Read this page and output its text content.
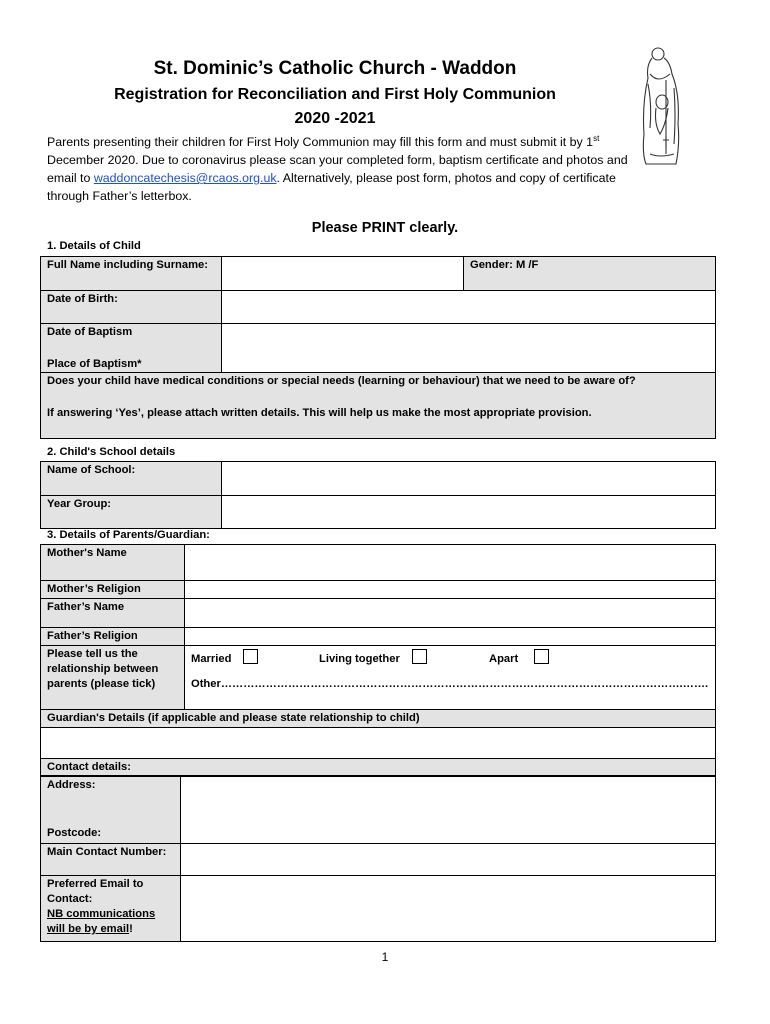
St. Dominic’s Catholic Church - Waddon
Registration for Reconciliation and First Holy Communion
2020 -2021
Parents presenting their children for First Holy Communion may fill this form and must submit it by 1st December 2020. Due to coronavirus please scan your completed form, baptism certificate and photos and email to waddoncatechesis@rcaos.org.uk. Alternatively, please post form, photos and copy of certificate through Father’s letterbox.
Please PRINT clearly.
1. Details of Child
Full Name including Surname:		Gender: M /F
Date of Birth:		

Date of Baptism
Place of Baptism*		

Does your child have medical conditions or special needs (learning or behaviour) that we need to be aware of?
If answering ‘Yes’, please attach written details. This will help us make the most appropriate provision.		
2. Child's School details
Name of School:	
Year Group:	
3. Details of Parents/Guardian:
Mother's Name	
Mother’s Religion	
Father’s Name	
Father’s Religion	
Please tell us the relationship between parents (please tick)	Married Living together Apart
Other…………………………………………………………………………………………………………….…….

Guardian's Details (if applicable and please state relationship to child)	

Contact details:	
Address:
Postcode:	

Main Contact Number:	

Preferred Email to Contact:
NB communications will be by email!	

1
